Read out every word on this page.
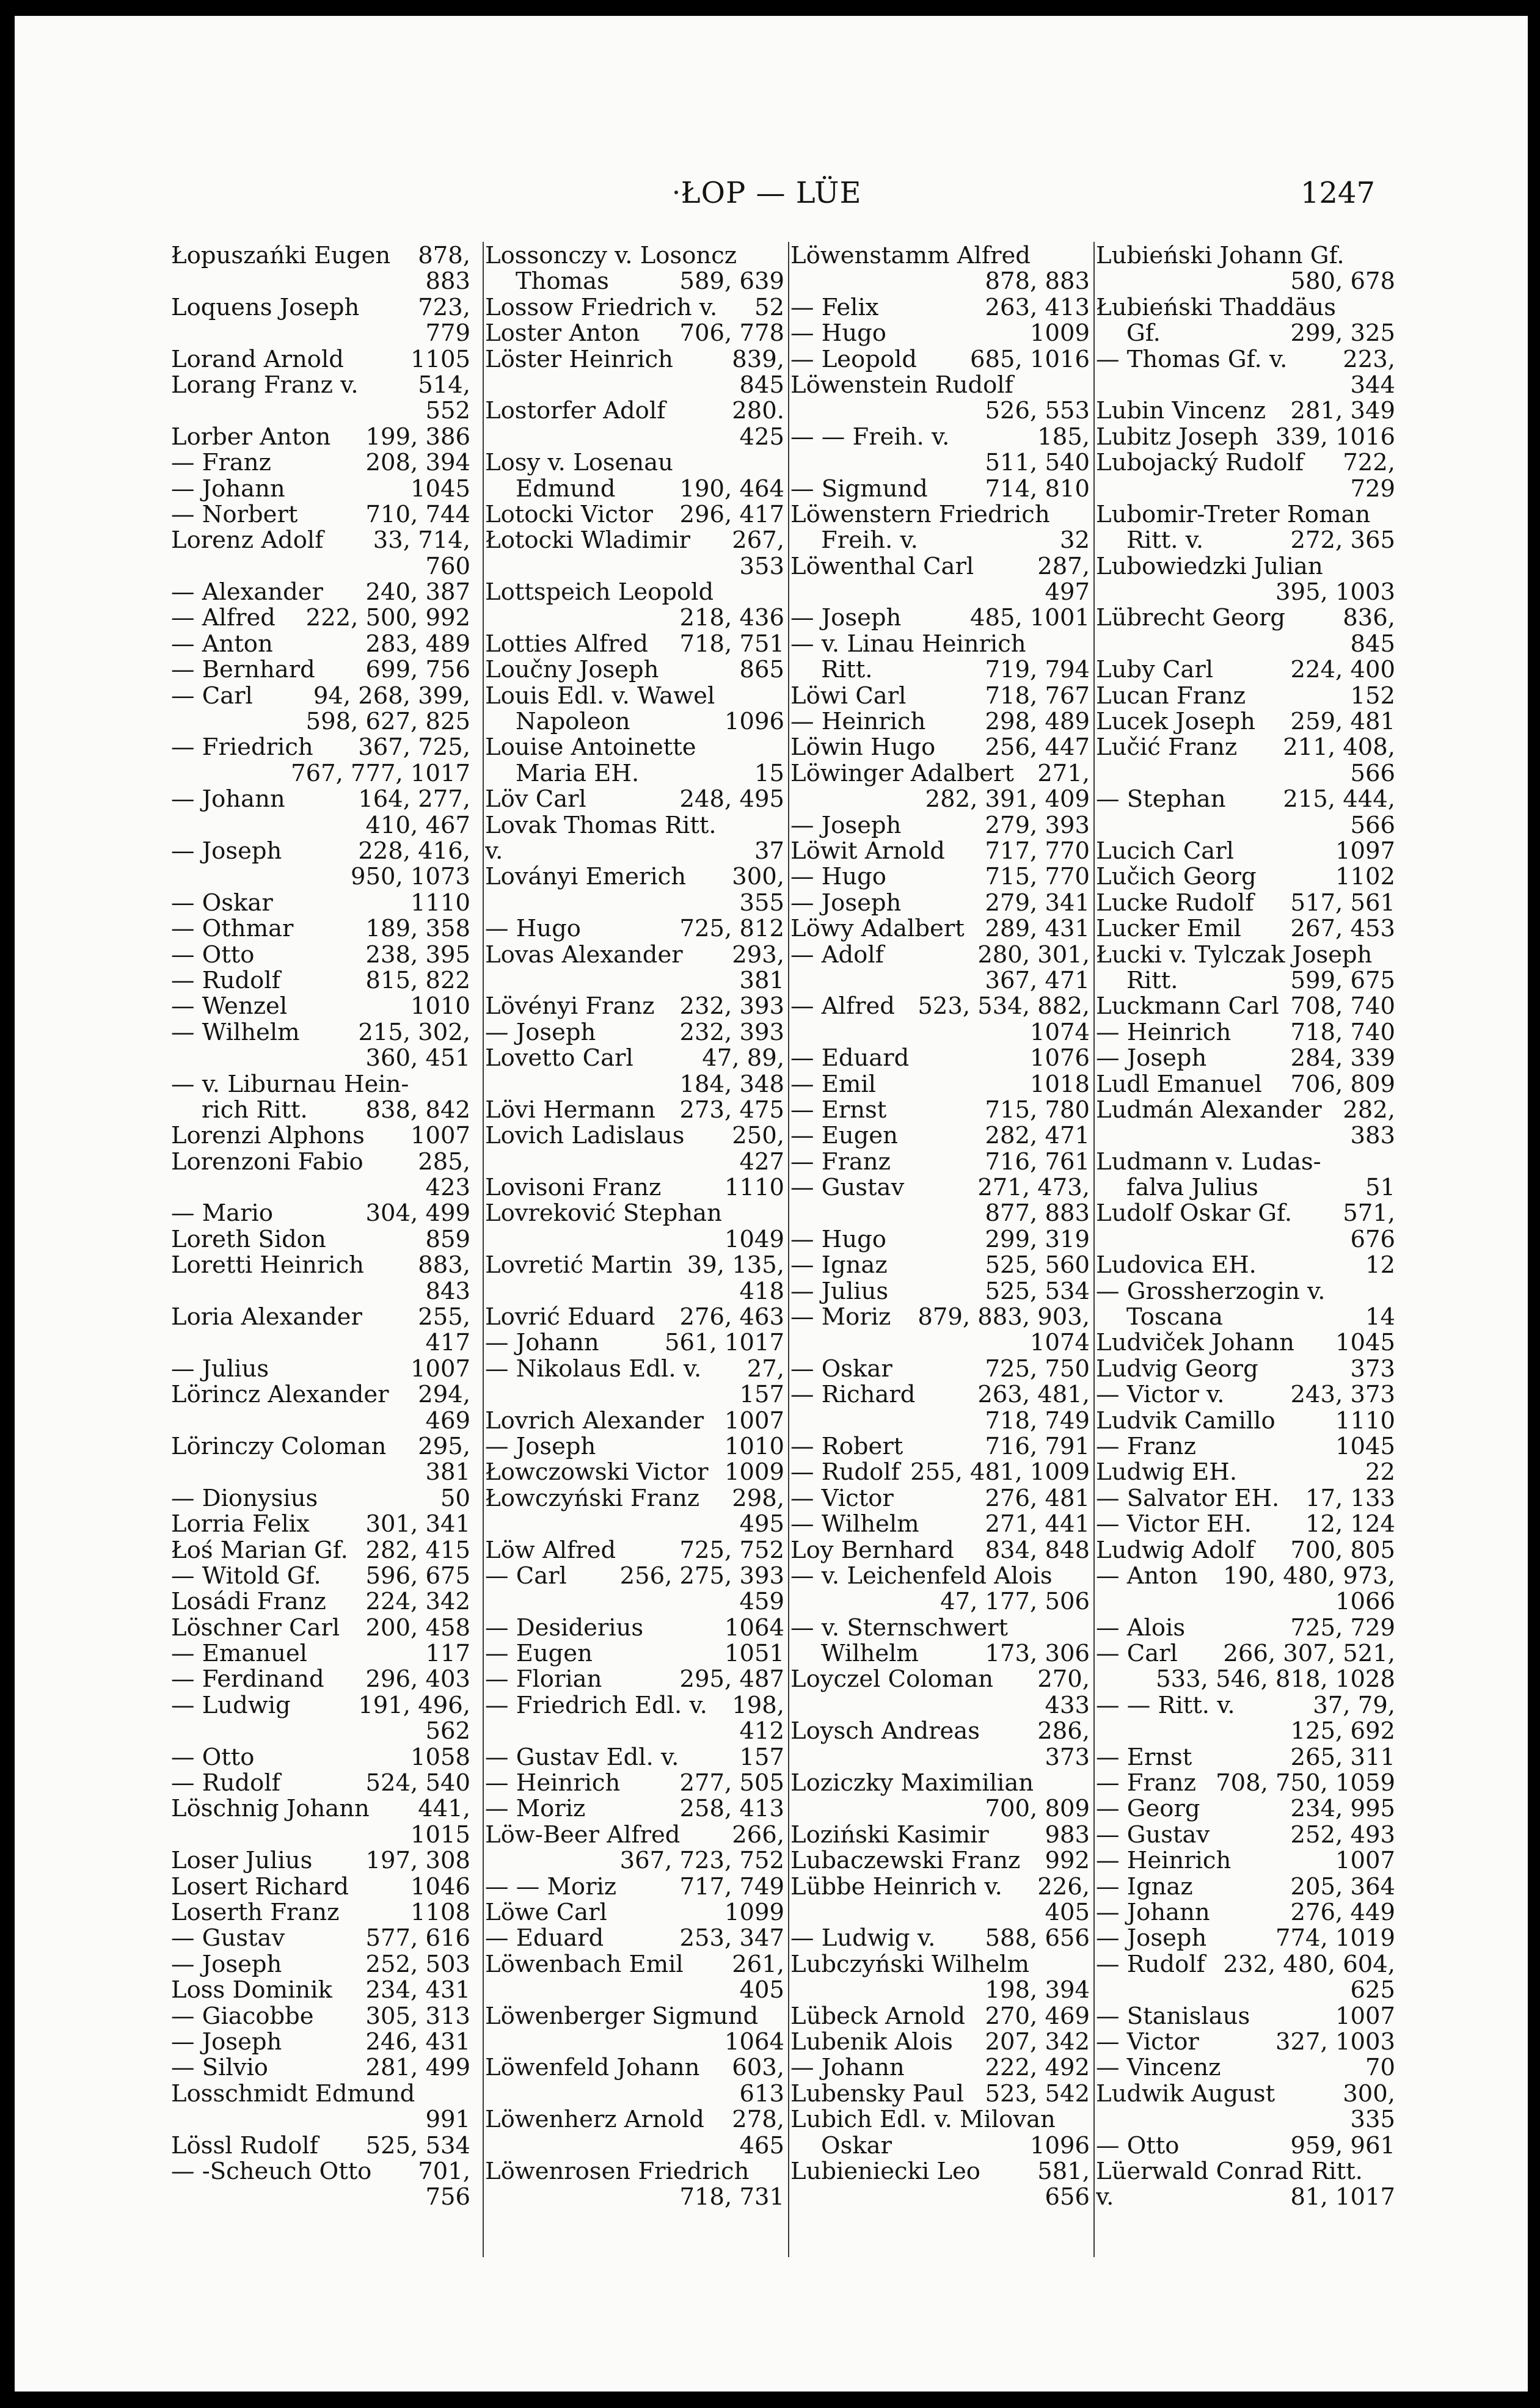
ŁOP — LÜE	1247
Łopuszańki Eugen	878,
883
Loquens Joseph	723,
779
Lorand Arnold	1105
Lorang Franz v.	514,
552
Lorber Anton	199, 386
— Franz	208, 394
— Johann	1045
— Norbert	710, 744
Lorenz Adolf	33, 714,
760
— Alexander	240, 387
— Alfred	222, 500, 992
— Anton	283, 489
— Bernhard	699, 756
— Carl	94, 268, 399,
598, 627, 825
— Friedrich	367, 725,
767, 777, 1017
— Johann	164, 277,
410, 467
— Joseph	228, 416,
950, 1073
— Oskar	1110
— Othmar	189, 358
— Otto	238, 395
— Rudolf	815, 822
— Wenzel	1010
— Wilhelm	215, 302,
360, 451
— v. Liburnau Hein-
rich Ritt.	838, 842
Lorenzi Alphons	1007
Lorenzoni Fabio	285,
423
— Mario	304, 499
Loreth Sidon	859
Loretti Heinrich	883,
843
Loria Alexander	255,
417
— Julius	1007
Lörincz Alexander	294,
469
Lörinczy Coloman	295,
381
— Dionysius	50
Lorria Felix	301, 341
Łoś Marian Gf. 282, 415
— Witold Gf.	596, 675
Losádi Franz	224, 342
Löschner Carl	200, 458
— Emanuel	117
— Ferdinand	296, 403
— Ludwig	191, 496,
562
— Otto	1058
— Rudolf	524, 540
Löschnig Johann	441,
1015
Loser Julius	197, 308
Losert Richard	1046
Loserth Franz	1108
— Gustav	577, 616
— Joseph	252, 503
Loss Dominik	234, 431
— Giacobbe	305, 313
— Joseph	246, 431
— Silvio	281, 499
Losschmidt Edmund
991
Lössl Rudolf	525, 534
— -Scheuch Otto	701,
756
Lossonczy v. Losoncz
Thomas	589, 639
Lossow Friedrich v.	52
Loster Anton	706, 778
Löster Heinrich	839,
845
Lostorfer Adolf	280.
425
Losy v. Losenau
Edmund	190, 464
Lotocki Victor	296, 417
Łotocki Wladimir	267,
353
Lottspeich Leopold
218, 436
Lotties Alfred	718, 751
Loučny Joseph	865
Louis Edl. v. Wawel
Napoleon	1096
Louise Antoinette
Maria EH.	15
Löv Carl	248, 495
Lovak Thomas Ritt.
v.	37
Loványi Emerich	300,
355
— Hugo	725, 812
Lovas Alexander	293,
381
Lövényi Franz	232, 393
— Joseph	232, 393
Lovetto Carl	47, 89,
184, 348
Lövi Hermann	273, 475
Lovich Ladislaus	250,
427
Lovisoni Franz	1110
Lovreković Stephan
1049
Lovretić Martin 39, 135,
418
Lovrić Eduard	276, 463
— Johann	561, 1017
— Nikolaus Edl. v.	27,
157
Lovrich Alexander 1007
— Joseph	1010
Łowczowski Victor 1009
Łowczyński Franz	298,
495
Löw Alfred	725, 752
— Carl	256, 275, 393
459
— Desiderius	1064
— Eugen	1051
— Florian	295, 487
— Friedrich Edl. v.	198,
412
— Gustav Edl. v.	157
— Heinrich	277, 505
— Moriz	258, 413
Löw-Beer Alfred	266,
367, 723, 752
— — Moriz	717, 749
Löwe Carl	1099
— Eduard	253, 347
Löwenbach Emil	261,
405
Löwenberger Sigmund
1064
Löwenfeld Johann	603,
613
Löwenherz Arnold	278,
465
Löwenrosen Friedrich
718, 731
Löwenstamm Alfred
878, 883
— Felix	263, 413
— Hugo	1009
— Leopold	685, 1016
Löwenstein Rudolf
526, 553
— — Freih. v.	185,
511, 540
— Sigmund	714, 810
Löwenstern Friedrich
Freih. v.	32
Löwenthal Carl	287,
497
— Joseph	485, 1001
— v. Linau Heinrich
Ritt.	719, 794
Löwi Carl	718, 767
— Heinrich	298, 489
Löwin Hugo	256, 447
Löwinger Adalbert 271,
282, 391, 409
— Joseph	279, 393
Löwit Arnold	717, 770
— Hugo	715, 770
— Joseph	279, 341
Löwy Adalbert 289, 431
— Adolf	280, 301,
367, 471
— Alfred 523, 534, 882,
1074
— Eduard	1076
— Emil	1018
— Ernst	715, 780
— Eugen	282, 471
— Franz	716, 761
— Gustav	271, 473,
877, 883
— Hugo	299, 319
— Ignaz	525, 560
— Julius	525, 534
— Moriz	879, 883, 903,
1074
— Oskar	725, 750
— Richard	263, 481,
718, 749
— Robert	716, 791
— Rudolf 255, 481, 1009
— Victor	276, 481
— Wilhelm	271, 441
Loy Bernhard	834, 848
— v. Leichenfeld Alois
47, 177, 506
— v. Sternschwert
Wilhelm	173, 306
Loyczel Coloman	270,
433
Loysch Andreas	286,
373
Loziczky Maximilian
700, 809
Loziński Kasimir	983
Lubaczewski Franz	992
Lübbe Heinrich v.	226,
405
— Ludwig v.	588, 656
Lubczyński Wilhelm
198, 394
Lübeck Arnold 270, 469
Lubenik Alois	207, 342
— Johann	222, 492
Lubensky Paul 523, 542
Lubich Edl. v. Milovan
Oskar	1096
Lubieniecki Leo	581,
656
Lubieński Johann Gf.
580, 678
Łubieński Thaddäus
Gf.	299, 325
— Thomas Gf. v.	223,
344
Lubin Vincenz	281, 349
Lubitz Joseph 339, 1016
Lubojacký Rudolf	722,
729
Lubomir-Treter Roman
Ritt. v.	272, 365
Lubowiedzki Julian
395, 1003
Lübrecht Georg	836,
845
Luby Carl	224, 400
Lucan Franz	152
Lucek Joseph	259, 481
Lučić Franz	211, 408,
566
— Stephan	215, 444,
566
Lucich Carl	1097
Lučich Georg	1102
Lucke Rudolf	517, 561
Lucker Emil	267, 453
Łucki v. Tylczak Joseph
Ritt.	599, 675
Luckmann Carl 708, 740
— Heinrich	718, 740
— Joseph	284, 339
Ludl Emanuel	706, 809
Ludmán Alexander 282,
383
Ludmann v. Ludas-
falva Julius	51
Ludolf Oskar Gf.	571,
676
Ludovica EH.	12
— Grossherzogin v.
Toscana	14
Ludviček Johann	1045
Ludvig Georg	373
— Victor v.	243, 373
Ludvik Camillo	1110
— Franz	1045
Ludwig EH.	22
— Salvator EH.	17, 133
— Victor EH.	12, 124
Ludwig Adolf	700, 805
— Anton	190, 480, 973,
1066
— Alois	725, 729
— Carl	266, 307, 521,
533, 546, 818, 1028
— — Ritt. v.	37, 79,
125, 692
— Ernst	265, 311
— Franz 708, 750, 1059
— Georg	234, 995
— Gustav	252, 493
— Heinrich	1007
— Ignaz	205, 364
— Johann	276, 449
— Joseph	774, 1019
— Rudolf 232, 480, 604,
625
— Stanislaus	1007
— Victor	327, 1003
— Vincenz	70
Ludwik August	300,
335
— Otto	959, 961
Lüerwald Conrad Ritt.
v.	81, 1017
